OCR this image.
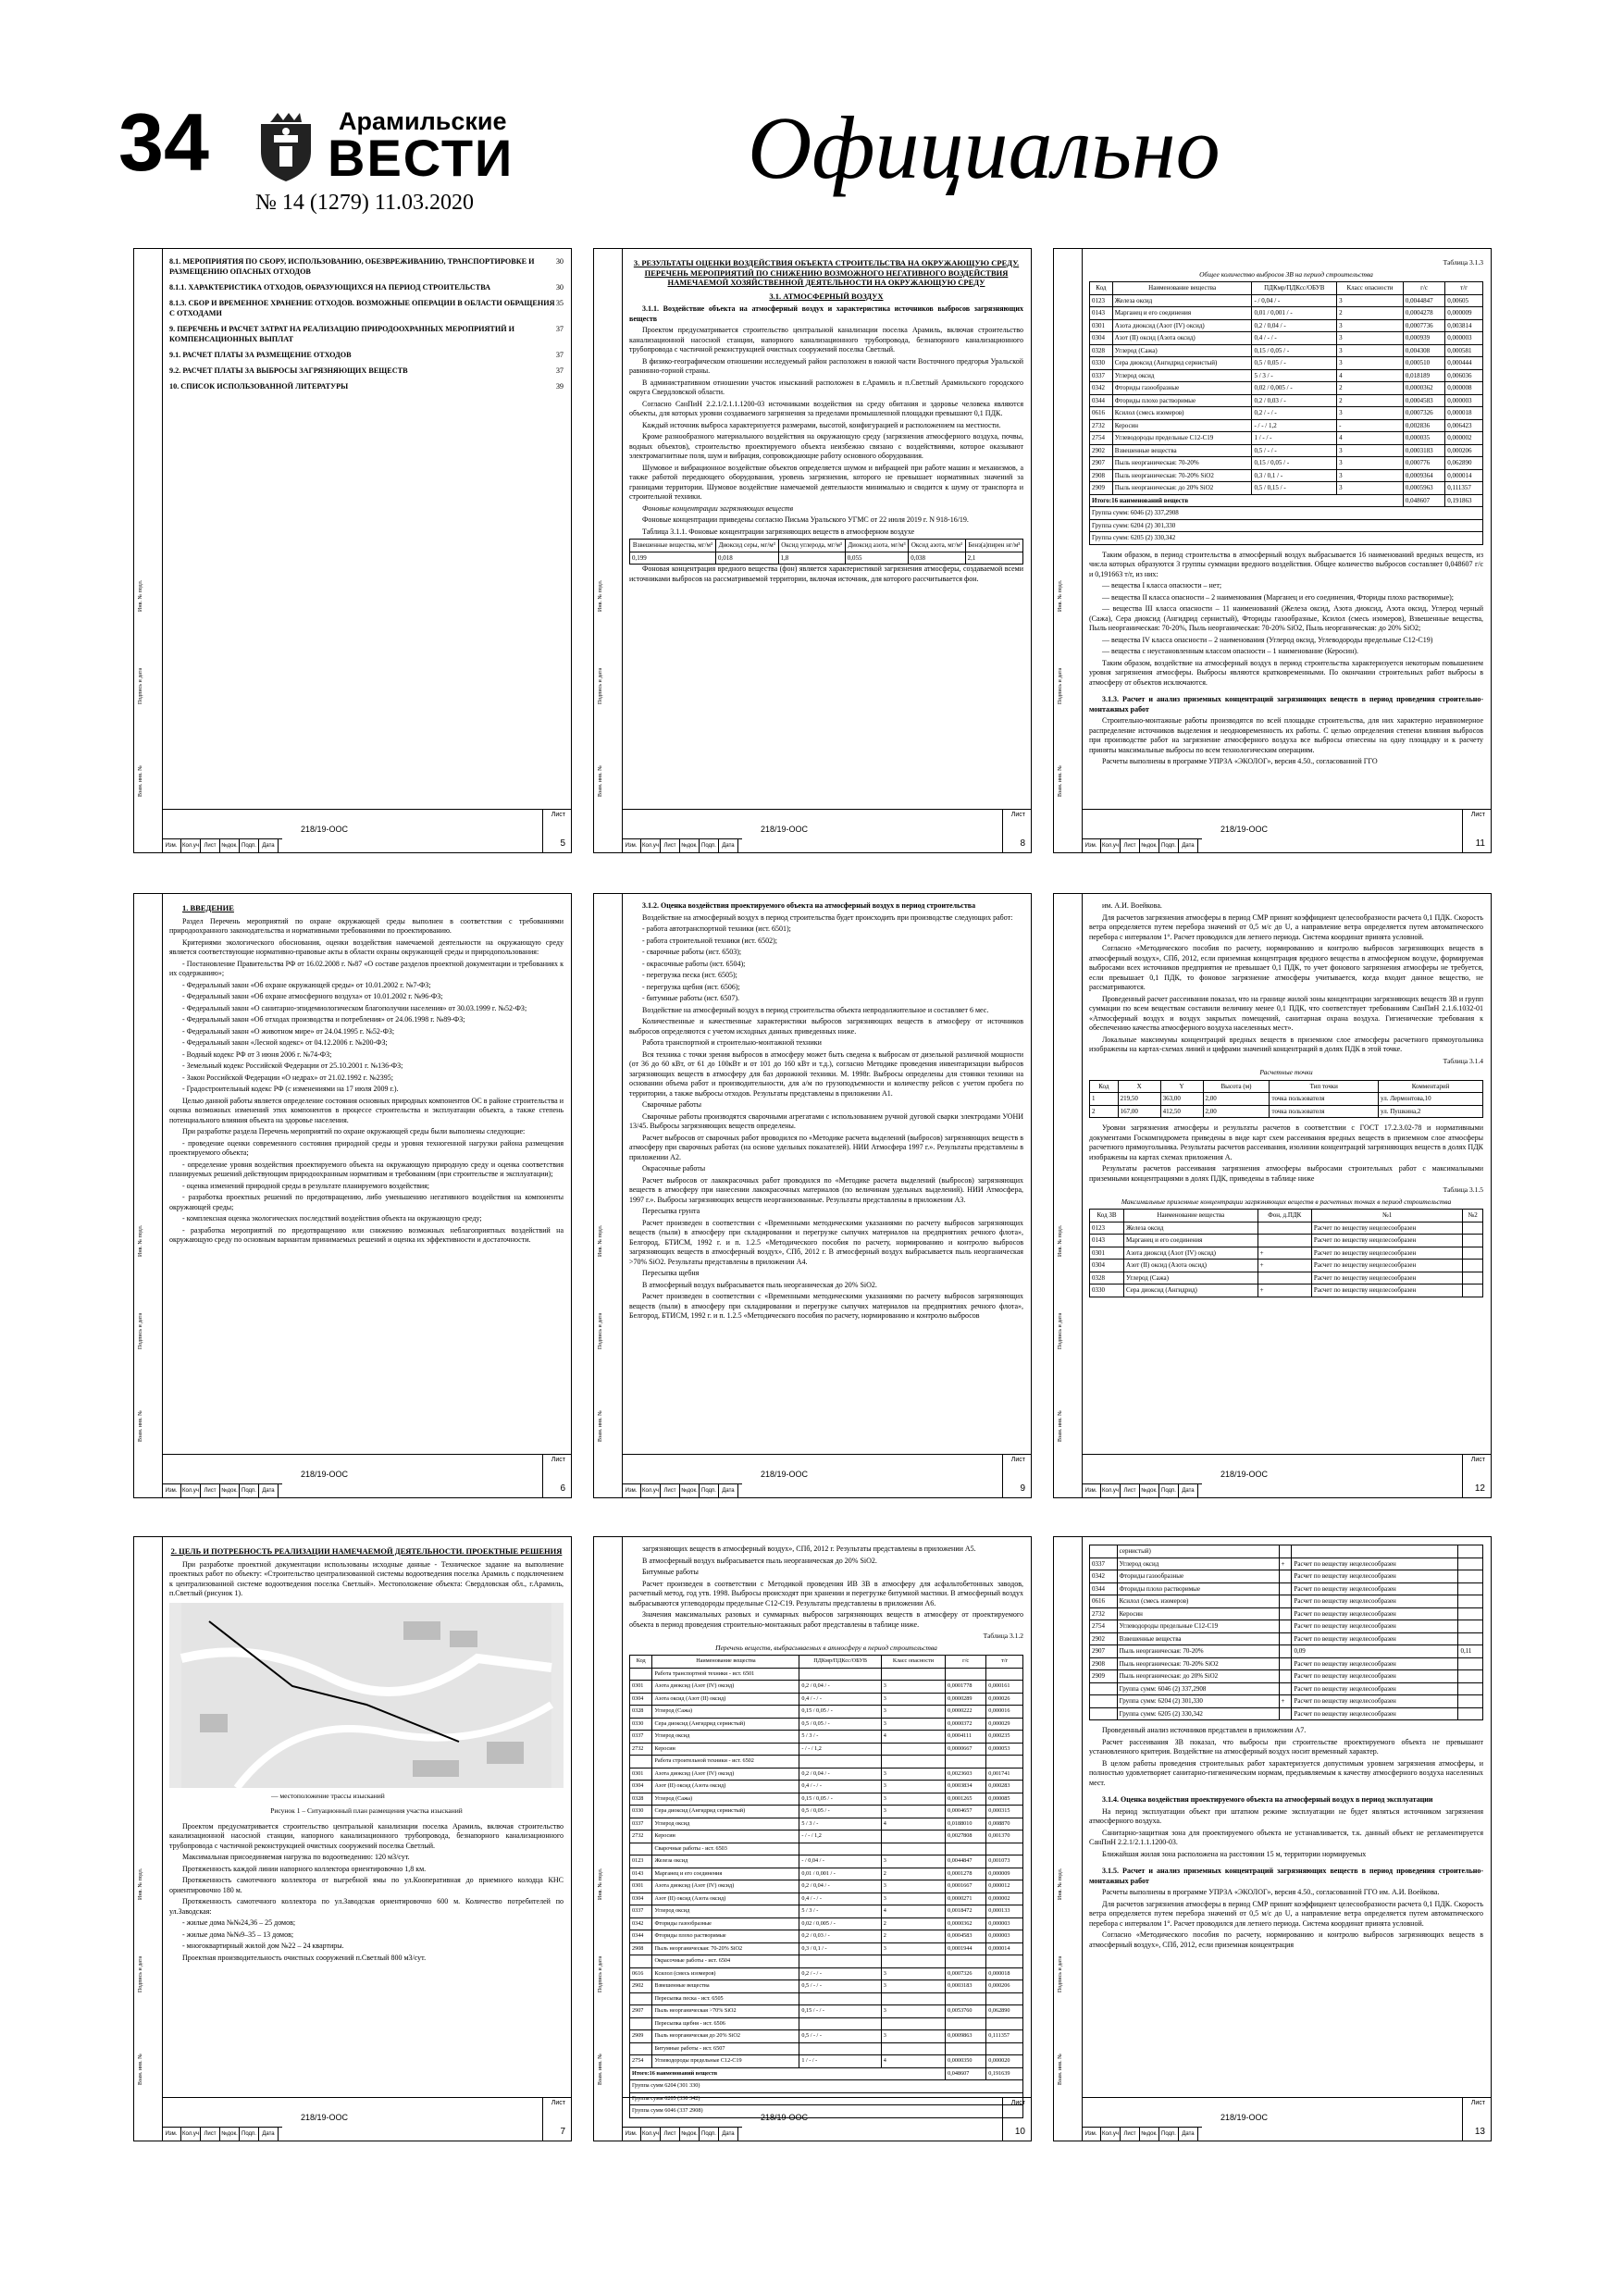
34	Арамильские
ВЕСТИ
№ 14 (1279) 11.03.2020
Официально
Взам. инв. №
Подпись и дата
Инв. № подл.
218/19-ООС
Лист
5
Изм. Кол.уч Лист №док. Подп. Дата

8.1. МЕРОПРИЯТИЯ ПО СБОРУ, ИСПОЛЬЗОВАНИЮ, ОБЕЗВРЕЖИВАНИЮ, ТРАНСПОРТИРОВКЕ И РАЗМЕЩЕНИЮ ОПАСНЫХ ОТХОДОВ
30

8.1.1. ХАРАКТЕРИСТИКА ОТХОДОВ, ОБРАЗУЮЩИХСЯ НА ПЕРИОД СТРОИТЕЛЬСТВА	30

8.1.3. СБОР И ВРЕМЕННОЕ ХРАНЕНИЕ ОТХОДОВ. ВОЗМОЖНЫЕ ОПЕРАЦИИ В ОБЛАСТИ ОБРАЩЕНИЯ С ОТХОДАМИ
35

9. ПЕРЕЧЕНЬ И РАСЧЕТ ЗАТРАТ НА РЕАЛИЗАЦИЮ ПРИРОДООХРАННЫХ МЕРОПРИЯТИЙ И КОМПЕНСАЦИОННЫХ ВЫПЛАТ
37

9.1. РАСЧЕТ ПЛАТЫ ЗА РАЗМЕЩЕНИЕ ОТХОДОВ	37

9.2. РАСЧЕТ ПЛАТЫ ЗА ВЫБРОСЫ ЗАГРЯЗНЯЮЩИХ ВЕЩЕСТВ	37

10. СПИСОК ИСПОЛЬЗОВАННОЙ ЛИТЕРАТУРЫ	39

Взам. инв. №
Подпись и дата
Инв. № подл.
218/19-ООС
Лист
8
Изм. Кол.уч Лист №док. Подп. Дата
3. РЕЗУЛЬТАТЫ ОЦЕНКИ ВОЗДЕЙСТВИЯ ОБЪЕКТА СТРОИТЕЛЬСТВА НА ОКРУЖАЮЩУЮ СРЕДУ. ПЕРЕЧЕНЬ МЕРОПРИЯТИЙ ПО СНИЖЕНИЮ ВОЗМОЖНОГО НЕГАТИВНОГО ВОЗДЕЙСТВИЯ НАМЕЧАЕМОЙ ХОЗЯЙСТВЕННОЙ ДЕЯТЕЛЬНОСТИ НА ОКРУЖАЮЩУЮ СРЕДУ
3.1. АТМОСФЕРНЫЙ ВОЗДУХ

3.1.1. Воздействие объекта на атмосферный воздух и характеристика источников выбросов загрязняющих веществ

Проектом предусматривается строительство центральной канализации поселка Арамиль, включая строительство канализационной насосной станции, напорного канализационного трубопровода, безнапорного канализационного трубопровода с частичной реконструкцией очистных сооружений поселка Светлый.

В физико-географическом отношении исследуемый район расположен в южной части Восточного предгорья Уральской равнинно-горной страны.

В административном отношении участок изысканий расположен в г.Арамиль и п.Светлый Арамильского городского округа Свердловской области.

Согласно СанПиН 2.2.1/2.1.1.1200-03 источниками воздействия на среду обитания и здоровье человека являются объекты, для которых уровни создаваемого загрязнения за пределами промышленной площадки превышают 0,1 ПДК.

Каждый источник выброса характеризуется размерами, высотой, конфигурацией и расположением на местности.

Кроме разнообразного материального воздействия на окружающую среду (загрязнения атмосферного воздуха, почвы, водных объектов), строительство проектируемого объекта неизбежно связано с воздействиями, которое оказывают электромагнитные поля, шум и вибрация, сопровождающие работу основного оборудования.

Шумовое и вибрационное воздействие объектов определяется шумом и вибрацией при работе машин и механизмов, а также работой передающего оборудования, уровень загрязнения, которого не превышает нормативных значений за границами территории. Шумовое воздействие намечаемой деятельности минимально и сводится к шуму от транспорта и строительной техники.

Фоновые концентрации загрязняющих веществ

Фоновые концентрации приведены согласно Письма Уральского УГМС от 22 июля 2019 г. N 918-16/19.

Таблица 3.1.1. Фоновые концентрации загрязняющих веществ в атмосферном воздухе

Взвешенные вещества, мг/м³	Диоксид серы, мг/м³	Оксид углерода, мг/м³	Диоксид азота, мг/м³	Оксид азота, мг/м³	Бенз(а)пирен нг/м³
0,199	0,018	1,8	0,055	0,038	2,1

Фоновая концентрация вредного вещества (фон) является характеристикой загрязнения атмосферы, создаваемой всеми источниками выбросов на рассматриваемой территории, включая источник, для которого рассчитывается фон.

Взам. инв. №
Подпись и дата
Инв. № подл.
218/19-ООС
Лист
11
Изм. Кол.уч Лист №док. Подп. Дата
Таблица 3.1.3
Общее количество выбросов ЗВ на период строительства
Код	Наименование вещества	ПДКмр/ПДКсс/ОБУВ	Класс опасности	г/с	т/г
0123	Железа оксид	- / 0,04 / -	3	0,0044847	0,00605
0143	Марганец и его соединения	0,01 / 0,001 / -	2	0,0004278	0,000009
0301	Азота диоксид (Азот (IV) оксид)	0,2 / 0,04 / -	3	0,0007736	0,003814
0304	Азот (II) оксид (Азота оксид)	0,4 / - / -	3	0,000939	0,000003
0328	Углерод (Сажа)	0,15 / 0,05 / -	3	0,004308	0,000581
0330	Сера диоксид (Ангидрид сернистый)	0,5 / 0,05 / -	3	0,000510	0,000444
0337	Углерод оксид	5 / 3 / -	4	0,018189	0,006036
0342	Фториды газообразные	0,02 / 0,005 / -	2	0,0000362	0,000008
0344	Фториды плохо растворимые	0,2 / 0,03 / -	2	0,0004583	0,000003
0616	Ксилол (смесь изомеров)	0,2 / - / -	3	0,0007326	0,000018
2732	Керосин	- / - / 1,2	-	0,002836	0,006423
2754	Углеводороды предельные С12-С19	1 / - / -	4	0,000035	0,000002
2902	Взвешенные вещества	0,5 / - / -	3	0,0003183	0,000206
2907	Пыль неорганическая: 70-20%	0,15 / 0,05 / -	3	0,000776	0,062890
2908	Пыль неорганическая: 70-20% SiO2	0,3 / 0,1 / -	3	0,0009364	0,000014
2909	Пыль неорганическая: до 20% SiO2	0,5 / 0,15 / -	3	0,0005963	0,111357
Итого:16 наименований веществ				0,048607	0,191863
Группа сумм: 6046 (2) 337,2908					
Группа сумм: 6204 (2) 301,330					
Группа сумм: 6205 (2) 330,342					

Таким образом, в период строительства в атмосферный воздух выбрасывается 16 наименований вредных веществ, из числа которых образуются 3 группы суммации вредного воздействия. Общее количество выбросов составляет 0,048607 г/с и 0,191663 т/г, из них:

— вещества I класса опасности – нет;

— вещества II класса опасности – 2 наименования (Марганец и его соединения, Фториды плохо растворимые);

— вещества III класса опасности – 11 наименований (Железа оксид, Азота диоксид, Азота оксид, Углерод черный (Сажа), Сера диоксид (Ангидрид сернистый), Фториды газообразные, Ксилол (смесь изомеров), Взвешенные вещества, Пыль неорганическая: 70-20%, Пыль неорганическая: 70-20% SiO2, Пыль неорганическая: до 20% SiO2;

— вещества IV класса опасности – 2 наименования (Углерод оксид, Углеводороды предельные С12-С19)

— вещества с неустановленным классом опасности – 1 наименование (Керосин).

Таким образом, воздействие на атмосферный воздух в период строительства характеризуется некоторым повышением уровня загрязнения атмосферы. Выбросы являются кратковременными. По окончании строительных работ выбросы в атмосферу от объектов исключаются.

3.1.3. Расчет и анализ приземных концентраций загрязняющих веществ в период проведения строительно-монтажных работ

Строительно-монтажные работы производятся по всей площадке строительства, для них характерно неравномерное распределение источников выделения и неодновременность их работы. С целью определения степени влияния выбросов при производстве работ на загрязнение атмосферного воздуха все выбросы отнесены на одну площадку и к расчету приняты максимальные выбросы по всем технологическим операциям.

Расчеты выполнены в программе УПРЗА «ЭКОЛОГ», версия 4.50., согласованной ГГО

Взам. инв. №
Подпись и дата
Инв. № подл.
218/19-ООС
Лист
6
Изм. Кол.уч Лист №док. Подп. Дата
1. ВВЕДЕНИЕ

Раздел Перечень мероприятий по охране окружающей среды выполнен в соответствии с требованиями природоохранного законодательства и нормативными требованиями по проектированию.

Критериями экологического обоснования, оценки воздействия намечаемой деятельности на окружающую среду является соответствующие нормативно-правовые акты в области охраны окружающей среды и природопользования:

- Постановление Правительства РФ от 16.02.2008 г. №87 «О составе разделов проектной документации и требованиях к их содержанию»;

- Федеральный закон «Об охране окружающей среды» от 10.01.2002 г. №7-ФЗ;

- Федеральный закон «Об охране атмосферного воздуха» от 10.01.2002 г. №96-ФЗ;

- Федеральный закон «О санитарно-эпидемиологическом благополучии населения» от 30.03.1999 г. №52-ФЗ;

- Федеральный закон «Об отходах производства и потребления» от 24.06.1998 г. №89-ФЗ;

- Федеральный закон «О животном мире» от 24.04.1995 г. №52-ФЗ;

- Федеральный закон «Лесной кодекс» от 04.12.2006 г. №200-ФЗ;

- Водный кодекс РФ от 3 июня 2006 г. №74-ФЗ;

- Земельный кодекс Российской Федерации от 25.10.2001 г. №136-ФЗ;

- Закон Российской Федерации «О недрах» от 21.02.1992 г. №2395;

- Градостроительный кодекс РФ (с изменениями на 17 июля 2009 г.).

Целью данной работы является определение состояния основных природных компонентов ОС в районе строительства и оценка возможных изменений этих компонентов в процессе строительства и эксплуатации объекта, а также степень потенциального влияния объекта на здоровье населения.

При разработке раздела Перечень мероприятий по охране окружающей среды были выполнены следующие:

- проведение оценки современного состояния природной среды и уровня техногенной нагрузки района размещения проектируемого объекта;

- определение уровня воздействия проектируемого объекта на окружающую природную среду и оценка соответствия планируемых решений действующим природоохранным нормативам и требованиям (при строительстве и эксплуатации);

- оценка изменений природной среды в результате планируемого воздействия;

- разработка проектных решений по предотвращению, либо уменьшению негативного воздействия на компоненты окружающей среды;

- комплексная оценка экологических последствий воздействия объекта на окружающую среду;

- разработка мероприятий по предотвращению или снижению возможных неблагоприятных воздействий на окружающую среду по основным вариантам принимаемых решений и оценка их эффективности и достаточности.

Взам. инв. №
Подпись и дата
Инв. № подл.
218/19-ООС
Лист
9
Изм. Кол.уч Лист №док. Подп. Дата

3.1.2. Оценка воздействия проектируемого объекта на атмосферный воздух в период строительства

Воздействие на атмосферный воздух в период строительства будет происходить при производстве следующих работ:

- работа автотранспортной техники (ист. 6501);

- работа строительной техники (ист. 6502);

- сварочные работы (ист. 6503);

- окрасочные работы (ист. 6504);

- перегрузка песка (ист. 6505);

- перегрузка щебня (ист. 6506);

- битумные работы (ист. 6507).

Воздействие на атмосферный воздух в период строительства объекта непродолжительное и составляет 6 мес.

Количественные и качественные характеристики выбросов загрязняющих веществ в атмосферу от источников выбросов определяются с учетом исходных данных приведенных ниже.

Работа транспортной и строительно-монтажной техники

Вся техника с точки зрения выбросов в атмосферу может быть сведена к выбросам от дизельной различной мощности (от 36 до 60 кВт, от 61 до 100кВт и от 101 до 160 кВт и т.д.), согласно Методике проведения инвентаризации выбросов загрязняющих веществ в атмосферу для баз дорожной техники. М. 1998г. Выбросы определены для стоянки техники на основании объема работ и производительности, для а/м по грузоподъемности и количеству рейсов с учетом пробега по территории, а также выбросы отходов. Результаты представлены в приложении А1.

Сварочные работы

Сварочные работы производятся сварочными агрегатами с использованием ручной дуговой сварки электродами УОНИ 13/45. Выбросы загрязняющих веществ определены.

Расчет выбросов от сварочных работ проводился по «Методике расчета выделений (выбросов) загрязняющих веществ в атмосферу при сварочных работах (на основе удельных показателей). НИИ Атмосфера 1997 г.». Результаты представлены в приложении А2.

Окрасочные работы

Расчет выбросов от лакокрасочных работ проводился по «Методике расчета выделений (выбросов) загрязняющих веществ в атмосферу при нанесении лакокрасочных материалов (по величинам удельных выделений). НИИ Атмосфера, 1997 г.». Выбросы загрязняющих веществ неорганизованные. Результаты представлены в приложении А3.

Пересыпка грунта

Расчет произведен в соответствии с «Временными методическими указаниями по расчету выбросов загрязняющих веществ (пыли) в атмосферу при складировании и перегрузке сыпучих материалов на предприятиях речного флота», Белгород, БТИСМ, 1992 г. и п. 1.2.5 «Методического пособия по расчету, нормированию и контролю выбросов загрязняющих веществ в атмосферный воздух», СПб, 2012 г. В атмосферный воздух выбрасывается пыль неорганическая >70% SiO2. Результаты представлены в приложении А4.

Пересыпка щебня

В атмосферный воздух выбрасывается пыль неорганическая до 20% SiO2.

Расчет произведен в соответствии с «Временными методическими указаниями по расчету выбросов загрязняющих веществ (пыли) в атмосферу при складировании и перегрузке сыпучих материалов на предприятиях речного флота», Белгород, БТИСМ, 1992 г. и п. 1.2.5 «Методического пособия по расчету, нормированию и контролю выбросов

Взам. инв. №
Подпись и дата
Инв. № подл.
218/19-ООС
Лист
12
Изм. Кол.уч Лист №док. Подп. Дата

им. А.И. Воейкова.

Для расчетов загрязнения атмосферы в период СМР принят коэффициент целесообразности расчета 0,1 ПДК. Скорость ветра определяется путем перебора значений от 0,5 м/с до U, а направление ветра определяется путем автоматического перебора с интервалом 1°. Расчет проводился для летнего периода. Система координат принята условной.

Согласно «Методического пособия по расчету, нормированию и контролю выбросов загрязняющих веществ в атмосферный воздух», СПб, 2012, если приземная концентрация вредного вещества в атмосферном воздухе, формируемая выбросами всех источников предприятия не превышает 0,1 ПДК, то учет фонового загрязнения атмосферы не требуется, если превышает 0,1 ПДК, то фоновое загрязнение атмосферы учитывается, когда входит данное вещество, не рассматриваются.

Проведенный расчет рассеивания показал, что на границе жилой зоны концентрации загрязняющих веществ ЗВ и групп суммации по всем веществам составили величину менее 0,1 ПДК, что соответствует требованиям СанПиН 2.1.6.1032-01 «Атмосферный воздух и воздух закрытых помещений, санитарная охрана воздуха. Гигиенические требования к обеспечению качества атмосферного воздуха населенных мест».

Локальные максимумы концентраций вредных веществ в приземном слое атмосферы расчетного прямоугольника изображены на картах-схемах линий и цифрами значений концентраций в долях ПДК в этой точке.

Таблица 3.1.4
Расчетные точки
Код	X	Y	Высота (м)	Тип точки	Комментарий
1	219,50	363,00	2,00	точка пользователя	ул. Лермонтова,10
2	167,00	412,50	2,00	точка пользователя	ул. Пушкина,2

Уровни загрязнения атмосферы и результаты расчетов в соответствии с ГОСТ 17.2.3.02-78 и нормативными документами Госкомгидромета приведены в виде карт схем рассеивания вредных веществ в приземном слое атмосферы расчетного прямоугольника. Результаты расчетов рассеивания, изолинии концентраций загрязняющих веществ в долях ПДК изображены на картах схемах приложения А.

Результаты расчетов рассеивания загрязнения атмосферы выбросами строительных работ с максимальными приземными концентрациями в долях ПДК, приведены в таблице ниже

Таблица 3.1.5
Максимальные приземные концентрации загрязняющих веществ в расчетных точках в период строительства
Код ЗВ	Наименование вещества	Фон, д.ПДК	№1	№2
0123	Железа оксид		Расчет по веществу нецелесообразен	
0143	Марганец и его соединения		Расчет по веществу нецелесообразен	
0301	Азота диоксид (Азот (IV) оксид)	+	Расчет по веществу нецелесообразен	
0304	Азот (II) оксид (Азота оксид)	+	Расчет по веществу нецелесообразен	
0328	Углерод (Сажа)		Расчет по веществу нецелесообразен	
0330	Сера диоксид (Ангидрид)	+	Расчет по веществу нецелесообразен	
Взам. инв. №
Подпись и дата
Инв. № подл.
218/19-ООС
Лист
7
Изм. Кол.уч Лист №док. Подп. Дата
2. ЦЕЛЬ И ПОТРЕБНОСТЬ РЕАЛИЗАЦИИ НАМЕЧАЕМОЙ ДЕЯТЕЛЬНОСТИ. ПРОЕКТНЫЕ РЕШЕНИЯ

При разработке проектной документации использованы исходные данные - Техническое задание на выполнение проектных работ по объекту: «Строительство централизованной системы водоотведения поселка Арамиль с подключением к централизованной системе водоотведения поселка Светлый». Местоположение объекта: Свердловская обл., г.Арамиль, п.Светлый (рисунок 1).

— местоположение трассы изысканий
Рисунок 1 – Ситуационный план размещения участка изысканий

Проектом предусматривается строительство центральной канализации поселка Арамиль, включая строительство канализационной насосной станции, напорного канализационного трубопровода, безнапорного канализационного трубопровода с частичной реконструкцией очистных сооружений поселка Светлый.

Максимальная присоединяемая нагрузка по водоотведению: 120 м3/сут.

Протяженность каждой линии напорного коллектора ориентировочно 1,8 км.

Протяженность самотечного коллектора от выгребной ямы по ул.Кооперативная до приемного колодца КНС ориентировочно 180 м.

Протяженность самотечного коллектора по ул.Заводская ориентировочно 600 м. Количество потребителей по ул.Заводская:

- жилые дома №№24,36 – 25 домов;

- жилые дома №№9–35 – 13 домов;

- многоквартирный жилой дом №22 – 24 квартиры.

Проектная производительность очистных сооружений п.Светлый 800 м3/сут.

Взам. инв. №
Подпись и дата
Инв. № подл.
218/19-ООС
Лист
10
Изм. Кол.уч Лист №док. Подп. Дата

загрязняющих веществ в атмосферный воздух», СПб, 2012 г. Результаты представлены в приложении А5.

В атмосферный воздух выбрасывается пыль неорганическая до 20% SiO2.

Битумные работы

Расчет произведен в соответствии с Методикой проведения ИВ ЗВ в атмосферу для асфальтобетонных заводов, расчетный метод, год утв. 1998. Выбросы происходят при хранении и перегрузке битумной мастики. В атмосферный воздух выбрасываются углеводороды предельные С12-С19. Результаты представлены в приложении А6.

Значения максимальных разовых и суммарных выбросов загрязняющих веществ в атмосферу от проектируемого объекта в период проведения строительно-монтажных работ представлены в таблице ниже.

Таблица 3.1.2
Перечень веществ, выбрасываемых в атмосферу в период строительства
Код	Наименование вещества	ПДКмр/ПДКсс/ОБУВ	Класс опасности	г/с	т/г
	Работа транспортной техники - ист. 6501				
0301	Азота диоксид (Азот (IV) оксид)	0,2 / 0,04 / -	3	0,0001778	0,000161
0304	Азота оксид (Азот (II) оксид)	0,4 / - / -	3	0,0000289	0,000026
0328	Углерод (Сажа)	0,15 / 0,05 / -	3	0,0000222	0,000016
0330	Сера диоксид (Ангидрид сернистый)	0,5 / 0,05 / -	3	0,0000372	0,000029
0337	Углерод оксид	5 / 3 / -	4	0,0004111	0,000235
2732	Керосин	- / - / 1,2		0,0000667	0,000053
	Работа строительной техники - ист. 6502				
0301	Азота диоксид (Азот (IV) оксид)	0,2 / 0,04 / -	3	0,0023603	0,001741
0304	Азот (II) оксид (Азота оксид)	0,4 / - / -	3	0,0003834	0,000283
0328	Углерод (Сажа)	0,15 / 0,05 / -	3	0,0001265	0,000085
0330	Сера диоксид (Ангидрид сернистый)	0,5 / 0,05 / -	3	0,0004657	0,000315
0337	Углерод оксид	5 / 3 / -	4	0,0188010	0,008870
2732	Керосин	- / - / 1,2		0,0027808	0,001370
	Сварочные работы - ист. 6503				
0123	Железа оксид	- / 0,04 / -	3	0,0044847	0,001073
0143	Марганец и его соединения	0,01 / 0,001 / -	2	0,0001278	0,000009
0301	Азота диоксид (Азот (IV) оксид)	0,2 / 0,04 / -	3	0,0001667	0,000012
0304	Азот (II) оксид (Азота оксид)	0,4 / - / -	3	0,0000271	0,000002
0337	Углерод оксид	5 / 3 / -	4	0,0018472	0,000133
0342	Фториды газообразные	0,02 / 0,005 / -	2	0,0000362	0,000003
0344	Фториды плохо растворимые	0,2 / 0,03 / -	2	0,0004583	0,000003
2908	Пыль неорганическая: 70-20% SiO2	0,3 / 0,1 / -	3	0,0001944	0,000014
	Окрасочные работы - ист. 6504				
0616	Ксилол (смесь изомеров)	0,2 / - / -	3	0,0007326	0,000018
2902	Взвешенные вещества	0,5 / - / -	3	0,0003183	0,000206
	Пересыпка песка - ист. 6505				
2907	Пыль неорганическая >70% SiO2	0,15 / - / -	3	0,0053760	0,062890
	Пересыпка щебня - ист. 6506				
2909	Пыль неорганическая до 20% SiO2	0,5 / - / -	3	0,0009863	0,111357
	Битумные работы - ист. 6507				
2754	Углеводороды предельные С12-С19	1 / - / -	4	0,0000350	0,000020
Итого:16 наименований веществ				0,048607	0,191639
Группа сумм 6204 (301 330)					
Группа сумм 6205 (330 342)					
Группа сумм 6046 (337 2908)					
Взам. инв. №
Подпись и дата
Инв. № подл.
218/19-ООС
Лист
13
Изм. Кол.уч Лист №док. Подп. Дата
	сернистый)			
0337	Углерод оксид	+	Расчет по веществу нецелесообразен	
0342	Фториды газообразные		Расчет по веществу нецелесообразен	
0344	Фториды плохо растворимые		Расчет по веществу нецелесообразен	
0616	Ксилол (смесь изомеров)		Расчет по веществу нецелесообразен	
2732	Керосин		Расчет по веществу нецелесообразен	
2754	Углеводороды предельные С12-С19		Расчет по веществу нецелесообразен	
2902	Взвешенные вещества		Расчет по веществу нецелесообразен	
2907	Пыль неорганическая: 70-20%		0,09	0,11
2908	Пыль неорганическая: 70-20% SiO2		Расчет по веществу нецелесообразен	
2909	Пыль неорганическая: до 20% SiO2		Расчет по веществу нецелесообразен	
	Группа сумм: 6046 (2) 337,2908		Расчет по веществу нецелесообразен	
	Группа сумм: 6204 (2) 301,330	+	Расчет по веществу нецелесообразен	
	Группа сумм: 6205 (2) 330,342		Расчет по веществу нецелесообразен	

Проведенный анализ источников представлен в приложении А7.

Расчет рассеивания ЗВ показал, что выбросы при строительстве проектируемого объекта не превышают установленного критерия. Воздействие на атмосферный воздух носит временный характер.

В целом работы проведения строительных работ характеризуется допустимым уровнем загрязнения атмосферы, и полностью удовлетворяет санитарно-гигиеническим нормам, предъявляемым к качеству атмосферного воздуха населенных мест.

3.1.4. Оценка воздействия проектируемого объекта на атмосферный воздух в период эксплуатации

На период эксплуатации объект при штатном режиме эксплуатации не будет являться источником загрязнения атмосферного воздуха.

Санитарно-защитная зона для проектируемого объекта не устанавливается, т.к. данный объект не регламентируется СанПиН 2.2.1/2.1.1.1200-03.

Ближайшая жилая зона расположена на расстоянии 15 м, территории нормируемых

3.1.5. Расчет и анализ приземных концентраций загрязняющих веществ в период проведения строительно-монтажных работ

Расчеты выполнены в программе УПРЗА «ЭКОЛОГ», версия 4.50., согласованной ГГО им. А.И. Воейкова.

Для расчетов загрязнения атмосферы в период СМР принят коэффициент целесообразности расчета 0,1 ПДК. Скорость ветра определяется путем перебора значений от 0,5 м/с до U, а направление ветра определяется путем автоматического перебора с интервалом 1°. Расчет проводился для летнего периода. Система координат принята условной.

Согласно «Методического пособия по расчету, нормированию и контролю выбросов загрязняющих веществ в атмосферный воздух», СПб, 2012, если приземная концентрация
